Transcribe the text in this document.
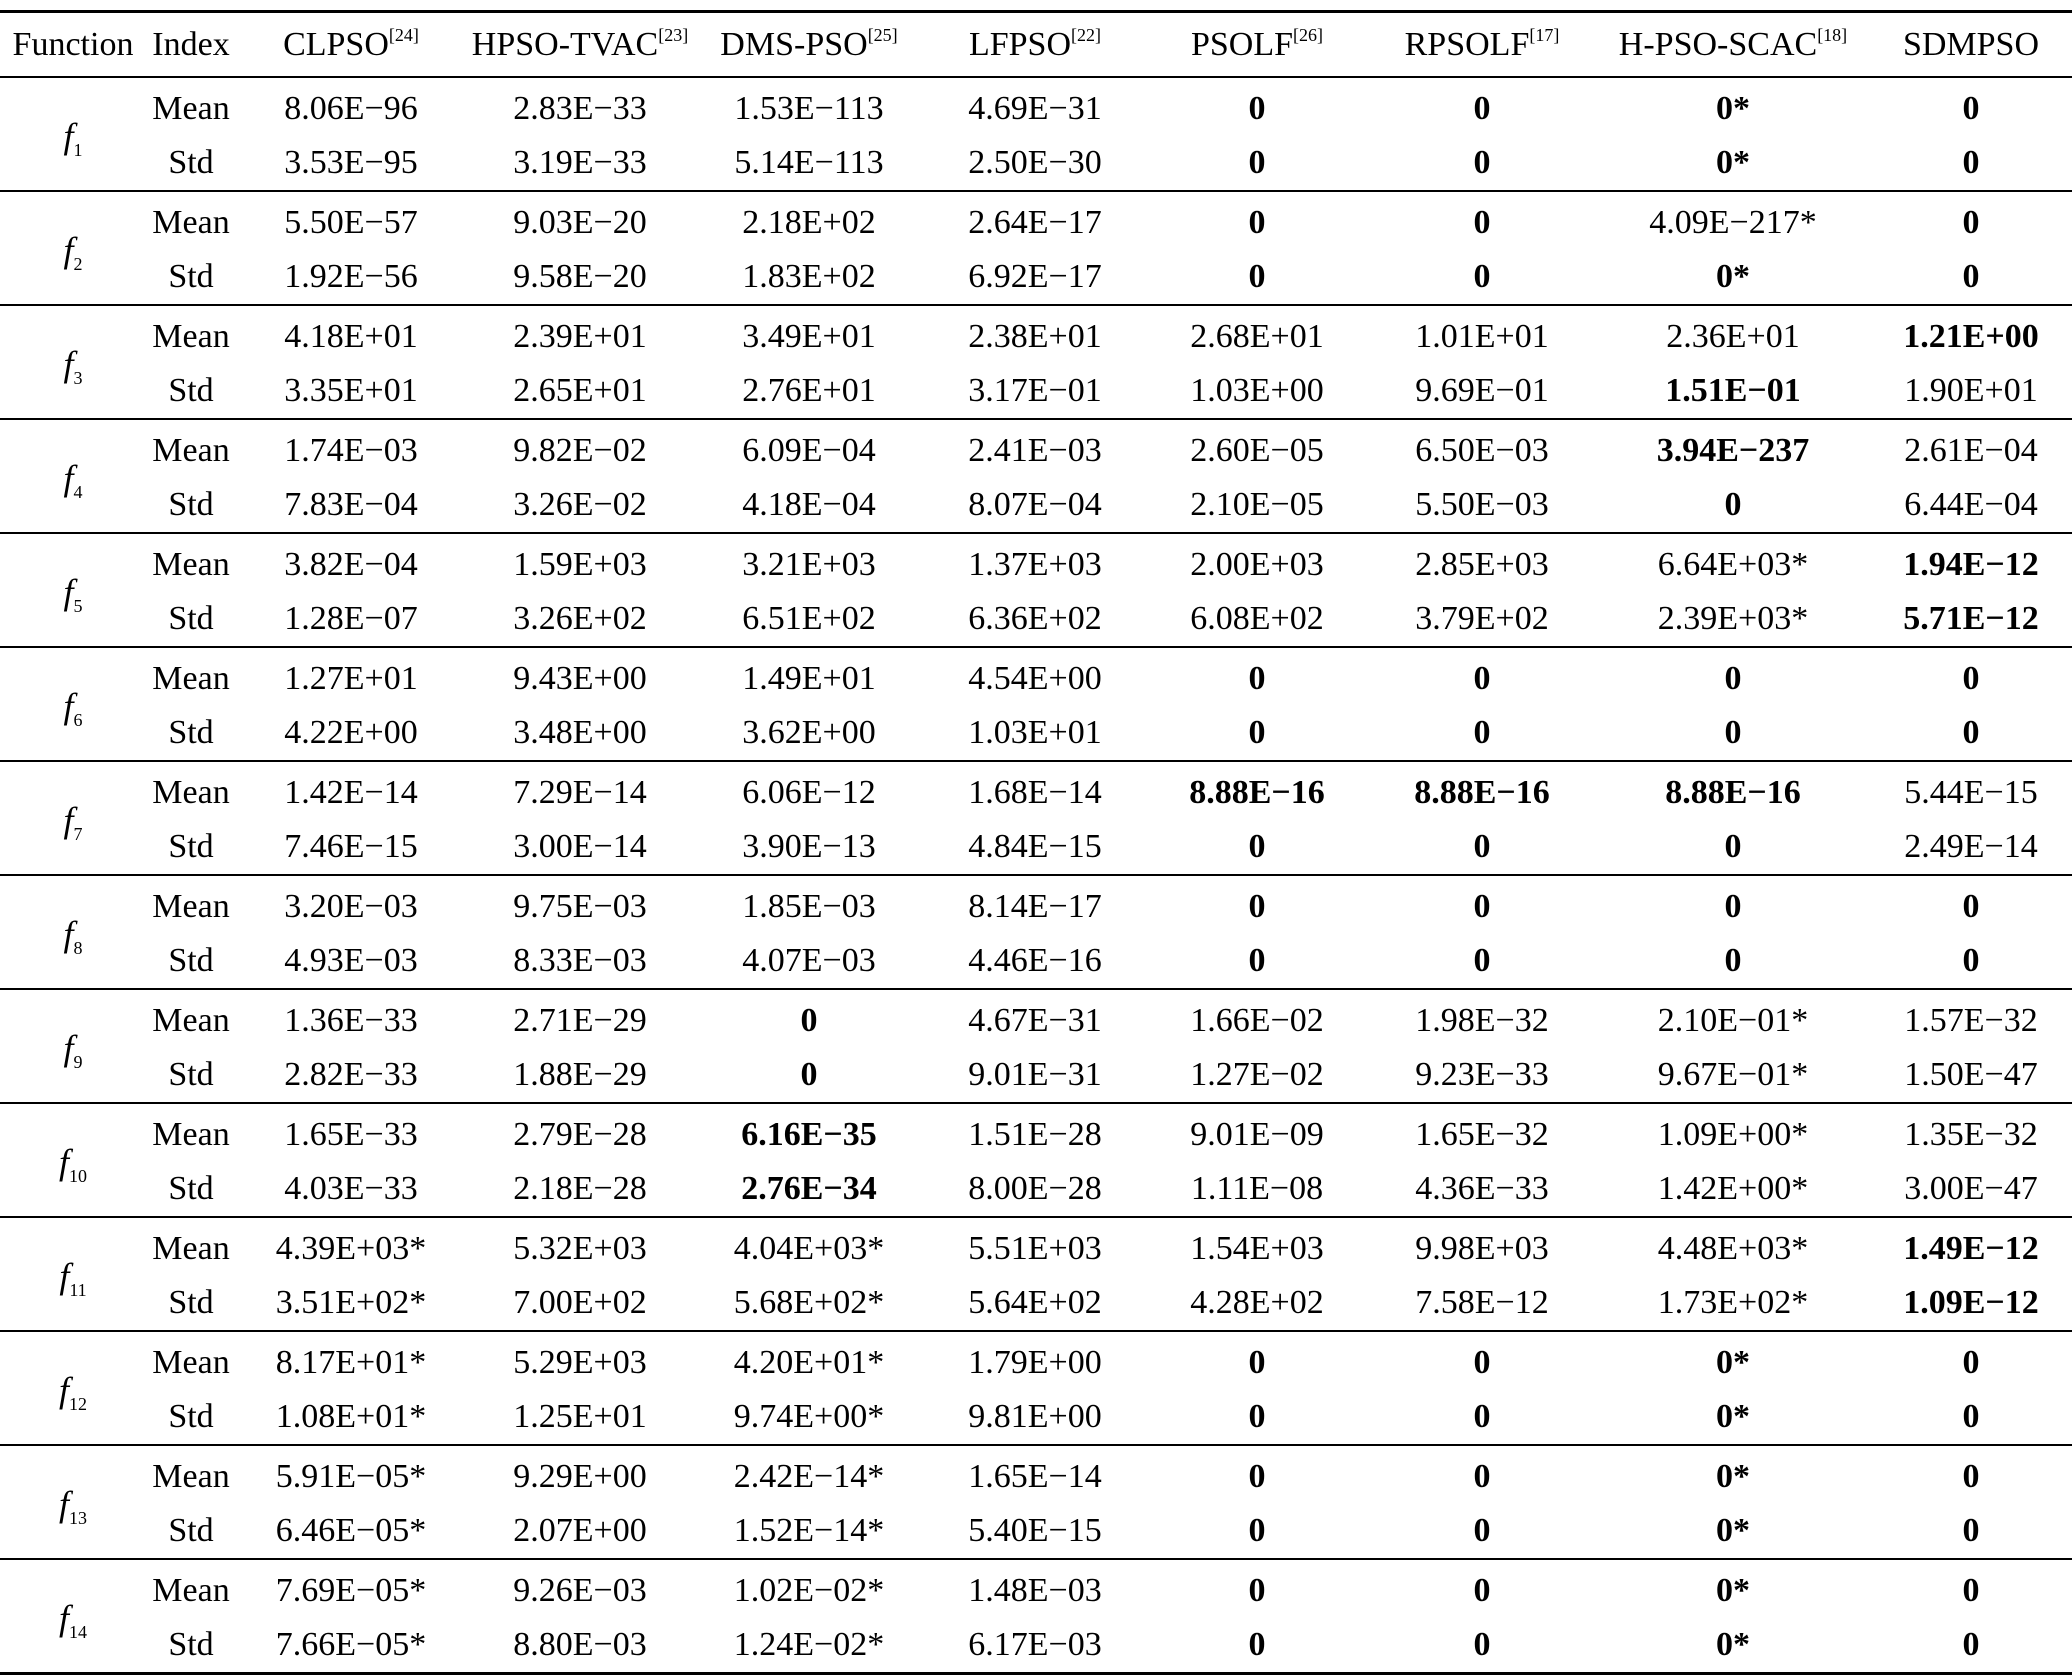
Function	Index	CLPSO[24]	HPSO-TVAC[23]	DMS-PSO[25]	LFPSO[22]	PSOLF[26]	RPSOLF[17]	H-PSO-SCAC[18]	SDMPSO
$f_1$	Mean	8.06E−96	2.83E−33	1.53E−113	4.69E−31	0	0	0*	0
	Std	3.53E−95	3.19E−33	5.14E−113	2.50E−30	0	0	0*	0
$f_2$	Mean	5.50E−57	9.03E−20	2.18E+02	2.64E−17	0	0	4.09E−217*	0
	Std	1.92E−56	9.58E−20	1.83E+02	6.92E−17	0	0	0*	0
$f_3$	Mean	4.18E+01	2.39E+01	3.49E+01	2.38E+01	2.68E+01	1.01E+01	2.36E+01	1.21E+00
	Std	3.35E+01	2.65E+01	2.76E+01	3.17E−01	1.03E+00	9.69E−01	1.51E−01	1.90E+01
$f_4$	Mean	1.74E−03	9.82E−02	6.09E−04	2.41E−03	2.60E−05	6.50E−03	3.94E−237	2.61E−04
	Std	7.83E−04	3.26E−02	4.18E−04	8.07E−04	2.10E−05	5.50E−03	0	6.44E−04
$f_5$	Mean	3.82E−04	1.59E+03	3.21E+03	1.37E+03	2.00E+03	2.85E+03	6.64E+03*	1.94E−12
	Std	1.28E−07	3.26E+02	6.51E+02	6.36E+02	6.08E+02	3.79E+02	2.39E+03*	5.71E−12
$f_6$	Mean	1.27E+01	9.43E+00	1.49E+01	4.54E+00	0	0	0	0
	Std	4.22E+00	3.48E+00	3.62E+00	1.03E+01	0	0	0	0
$f_7$	Mean	1.42E−14	7.29E−14	6.06E−12	1.68E−14	8.88E−16	8.88E−16	8.88E−16	5.44E−15
	Std	7.46E−15	3.00E−14	3.90E−13	4.84E−15	0	0	0	2.49E−14
$f_8$	Mean	3.20E−03	9.75E−03	1.85E−03	8.14E−17	0	0	0	0
	Std	4.93E−03	8.33E−03	4.07E−03	4.46E−16	0	0	0	0
$f_9$	Mean	1.36E−33	2.71E−29	0	4.67E−31	1.66E−02	1.98E−32	2.10E−01*	1.57E−32
	Std	2.82E−33	1.88E−29	0	9.01E−31	1.27E−02	9.23E−33	9.67E−01*	1.50E−47
$f_{10}$	Mean	1.65E−33	2.79E−28	6.16E−35	1.51E−28	9.01E−09	1.65E−32	1.09E+00*	1.35E−32
	Std	4.03E−33	2.18E−28	2.76E−34	8.00E−28	1.11E−08	4.36E−33	1.42E+00*	3.00E−47
$f_{11}$	Mean	4.39E+03*	5.32E+03	4.04E+03*	5.51E+03	1.54E+03	9.98E+03	4.48E+03*	1.49E−12
	Std	3.51E+02*	7.00E+02	5.68E+02*	5.64E+02	4.28E+02	7.58E−12	1.73E+02*	1.09E−12
$f_{12}$	Mean	8.17E+01*	5.29E+03	4.20E+01*	1.79E+00	0	0	0*	0
	Std	1.08E+01*	1.25E+01	9.74E+00*	9.81E+00	0	0	0*	0
$f_{13}$	Mean	5.91E−05*	9.29E+00	2.42E−14*	1.65E−14	0	0	0*	0
	Std	6.46E−05*	2.07E+00	1.52E−14*	5.40E−15	0	0	0*	0
$f_{14}$	Mean	7.69E−05*	9.26E−03	1.02E−02*	1.48E−03	0	0	0*	0
	Std	7.66E−05*	8.80E−03	1.24E−02*	6.17E−03	0	0	0*	0
